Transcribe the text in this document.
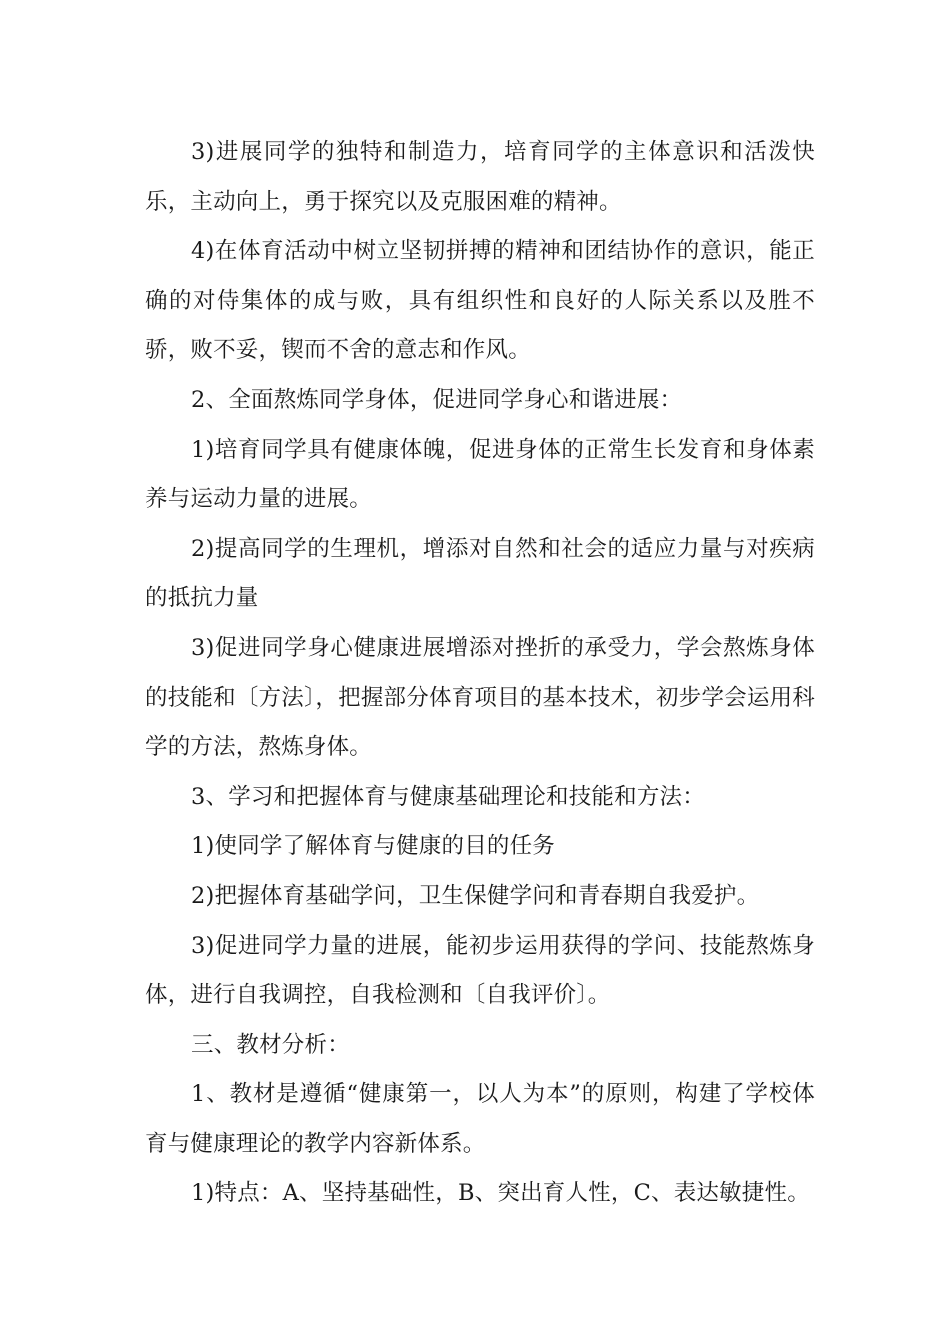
3)进展同学的独特和制造力，培育同学的主体意识和活泼快乐，主动向上，勇于探究以及克服困难的精神。

4)在体育活动中树立坚韧拼搏的精神和团结协作的意识，能正确的对侍集体的成与败，具有组织性和良好的人际关系以及胜不骄，败不妥，锲而不舍的意志和作风。

2、全面熬炼同学身体，促进同学身心和谐进展：

1)培育同学具有健康体魄，促进身体的正常生长发育和身体素养与运动力量的进展。

2)提高同学的生理机，增添对自然和社会的适应力量与对疾病的抵抗力量

3)促进同学身心健康进展增添对挫折的承受力，学会熬炼身体的技能和〔方法〕，把握部分体育项目的基本技术，初步学会运用科学的方法，熬炼身体。

3、学习和把握体育与健康基础理论和技能和方法：

1)使同学了解体育与健康的目的任务

2)把握体育基础学问，卫生保健学问和青春期自我爱护。

3)促进同学力量的进展，能初步运用获得的学问、技能熬炼身体，进行自我调控，自我检测和〔自我评价〕。

三、教材分析：

1、教材是遵循“健康第一，以人为本”的原则，构建了学校体育与健康理论的教学内容新体系。

1)特点：A、坚持基础性，B、突出育人性，C、表达敏捷性。
